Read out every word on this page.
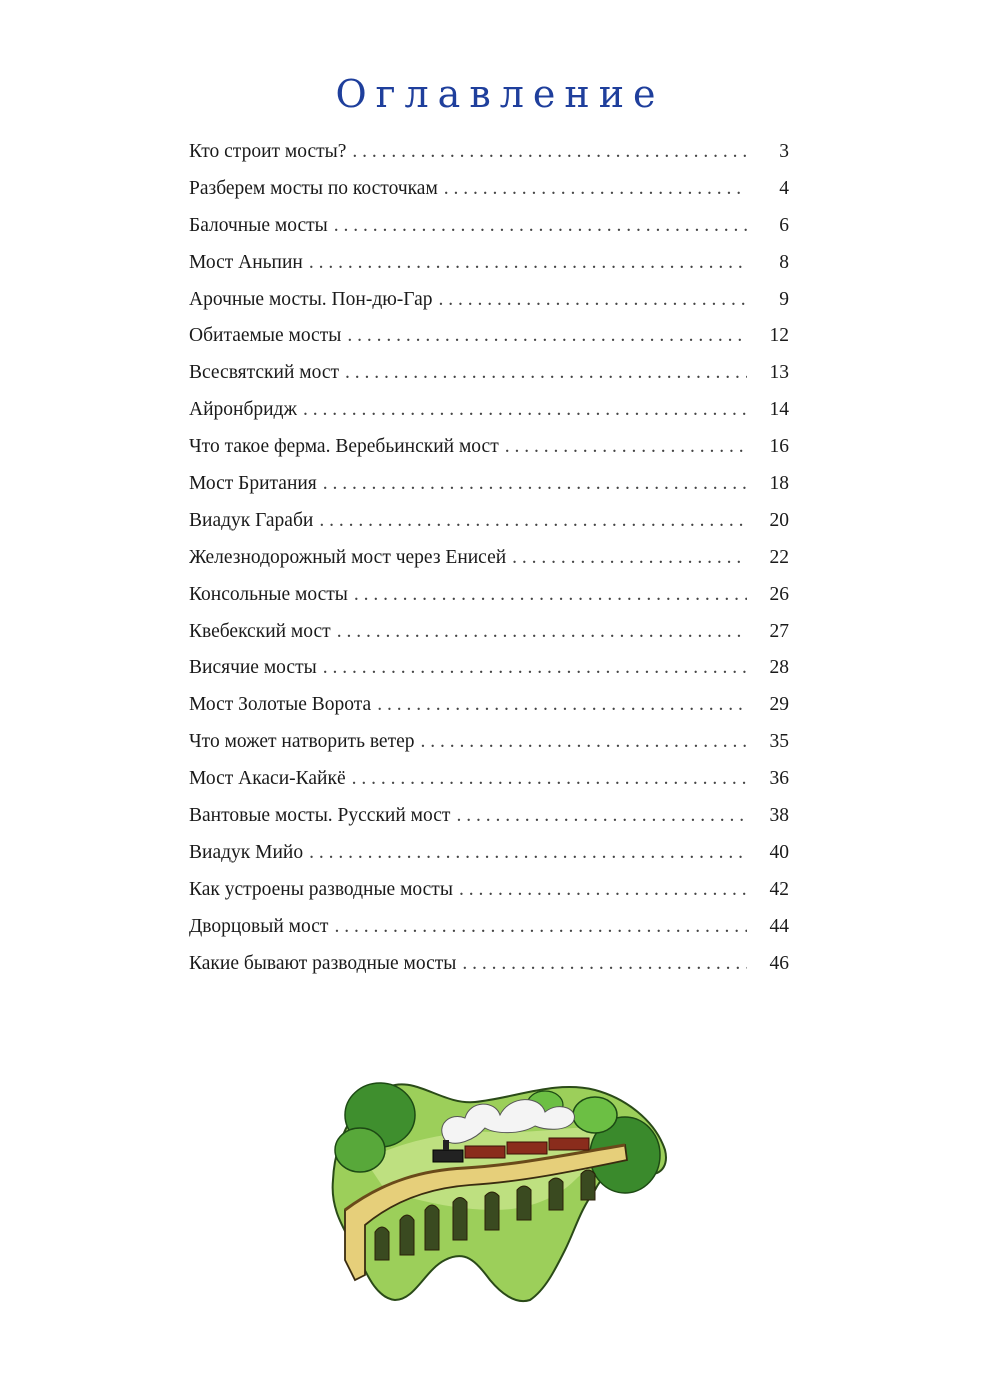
Оглавление
Кто строит мосты? . . .	3
Разберем мосты по косточкам . . .	4
Балочные мосты . . .	6
Мост Аньпин . . .	8
Арочные мосты. Пон-дю-Гар . . .	9
Обитаемые мосты . . .	12
Всесвятский мост . . .	13
Айронбридж . . .	14
Что такое ферма. Веребьинский мост . . .	16
Мост Британия . . .	18
Виадук Гараби . . .	20
Железнодорожный мост через Енисей . . .	22
Консольные мосты . . .	26
Квебекский мост . . .	27
Висячие мосты . . .	28
Мост Золотые Ворота . . .	29
Что может натворить ветер . . .	35
Мост Акаси-Кайкё . . .	36
Вантовые мосты. Русский мост . . .	38
Виадук Мийо . . .	40
Как устроены разводные мосты . . .	42
Дворцовый мост . . .	44
Какие бывают разводные мосты . . .	46
